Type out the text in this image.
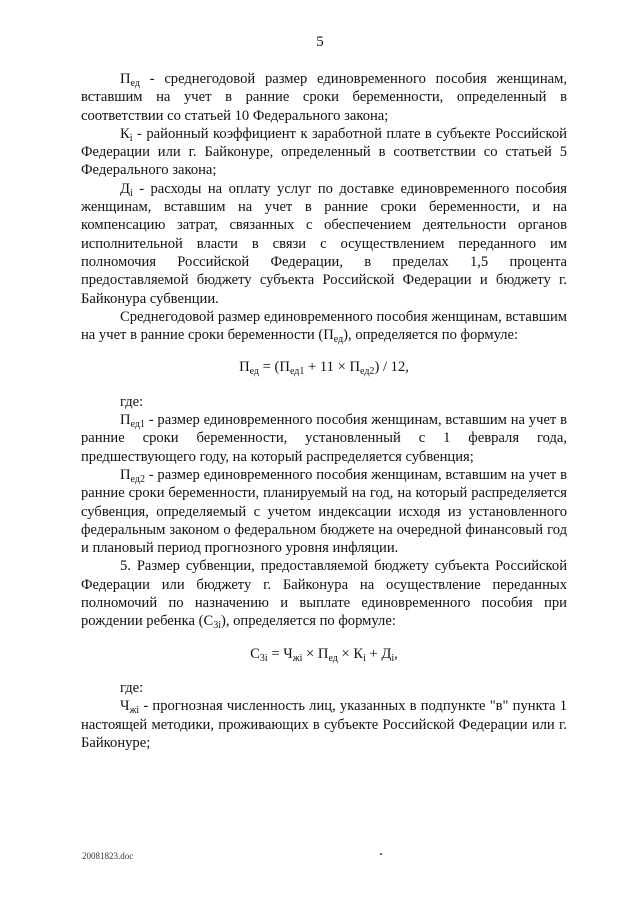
5

$П_{ед}$ - среднегодовой размер единовременного пособия женщинам, вставшим на учет в ранние сроки беременности, определенный в соответствии со статьей 10 Федерального закона;

$К_i$ - районный коэффициент к заработной плате в субъекте Российской Федерации или г. Байконуре, определенный в соответствии со статьей 5 Федерального закона;

$Д_i$ - расходы на оплату услуг по доставке единовременного пособия женщинам, вставшим на учет в ранние сроки беременности, и на компенсацию затрат, связанных с обеспечением деятельности органов исполнительной власти в связи с осуществлением переданного им полномочия Российской Федерации, в пределах 1,5 процента предоставляемой бюджету субъекта Российской Федерации и бюджету г. Байконура субвенции.

Среднегодовой размер единовременного пособия женщинам, вставшим на учет в ранние сроки беременности $(П_{ед})$, определяется по формуле:

$П_{ед} = (П_{ед1} + 11 \times П_{ед2}) / 12$,

где:

$П_{ед1}$ - размер единовременного пособия женщинам, вставшим на учет в ранние сроки беременности, установленный с 1 февраля года, предшествующего году, на который распределяется субвенция;

$П_{ед2}$ - размер единовременного пособия женщинам, вставшим на учет в ранние сроки беременности, планируемый на год, на который распределяется субвенция, определяемый с учетом индексации исходя из установленного федеральным законом о федеральном бюджете на очередной финансовый год и плановый период прогнозного уровня инфляции.

5. Размер субвенции, предоставляемой бюджету субъекта Российской Федерации или бюджету г. Байконура на осуществление переданных полномочий по назначению и выплате единовременного пособия при рождении ребенка $(С_{3i})$, определяется по формуле:

$С_{3i} = Ч_{жi} \times П_{ед} \times К_i + Д_i$,

где:

$Ч_{жi}$ - прогнозная численность лиц, указанных в подпункте "в" пункта 1 настоящей методики, проживающих в субъекте Российской Федерации или г. Байконуре;

20081823.doc
